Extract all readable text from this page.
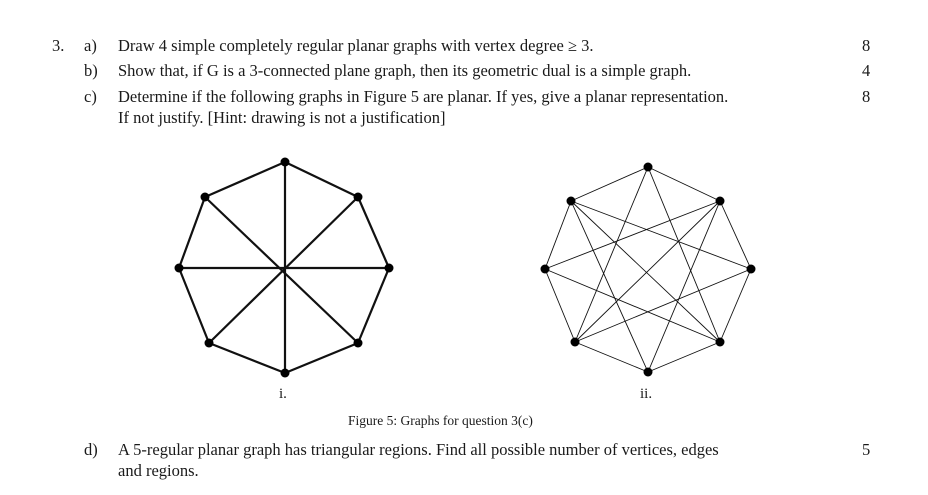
3. a) Draw 4 simple completely regular planar graphs with vertex degree ≥ 3.	8
b) Show that, if G is a 3-connected plane graph, then its geometric dual is a simple graph.	4
c) Determine if the following graphs in Figure 5 are planar. If yes, give a planar representation.
If not justify. [Hint: drawing is not a justification]
8
i.	ii.
Figure 5: Graphs for question 3(c)
d) A 5-regular planar graph has triangular regions. Find all possible number of vertices, edges
and regions.
5
